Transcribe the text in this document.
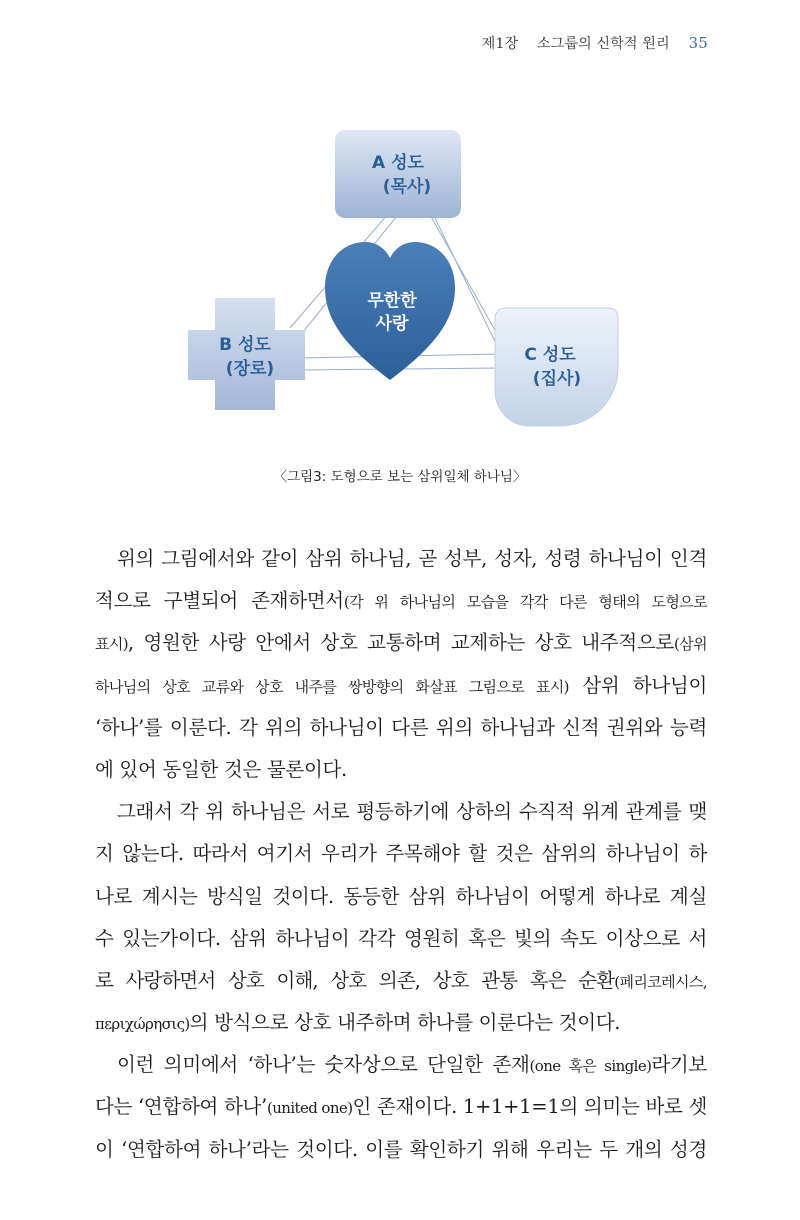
제1장 소그룹의 신학적 원리 35
A 성도
(목사)
B 성도
(장로)
C 성도
(집사)
무한한
사랑
〈그림3: 도형으로 보는 삼위일체 하나님〉
위의 그림에서와 같이 삼위 하나님, 곧 성부, 성자, 성령 하나님이 인격
적으로 구별되어 존재하면서(각 위 하나님의 모습을 각각 다른 형태의 도형으로
표시), 영원한 사랑 안에서 상호 교통하며 교제하는 상호 내주적으로(삼위
하나님의 상호 교류와 상호 내주를 쌍방향의 화살표 그림으로 표시) 삼위 하나님이
‘하나’를 이룬다. 각 위의 하나님이 다른 위의 하나님과 신적 권위와 능력
에 있어 동일한 것은 물론이다.
그래서 각 위 하나님은 서로 평등하기에 상하의 수직적 위계 관계를 맺
지 않는다. 따라서 여기서 우리가 주목해야 할 것은 삼위의 하나님이 하
나로 계시는 방식일 것이다. 동등한 삼위 하나님이 어떻게 하나로 계실
수 있는가이다. 삼위 하나님이 각각 영원히 혹은 빛의 속도 이상으로 서
로 사랑하면서 상호 이해, 상호 의존, 상호 관통 혹은 순환(페리코레시스,
περιχώρησις)의 방식으로 상호 내주하며 하나를 이룬다는 것이다.
이런 의미에서 ‘하나’는 숫자상으로 단일한 존재(one 혹은 single)라기보
다는 ‘연합하여 하나’(united one)인 존재이다. 1+1+1=1의 의미는 바로 셋
이 ‘연합하여 하나’라는 것이다. 이를 확인하기 위해 우리는 두 개의 성경
